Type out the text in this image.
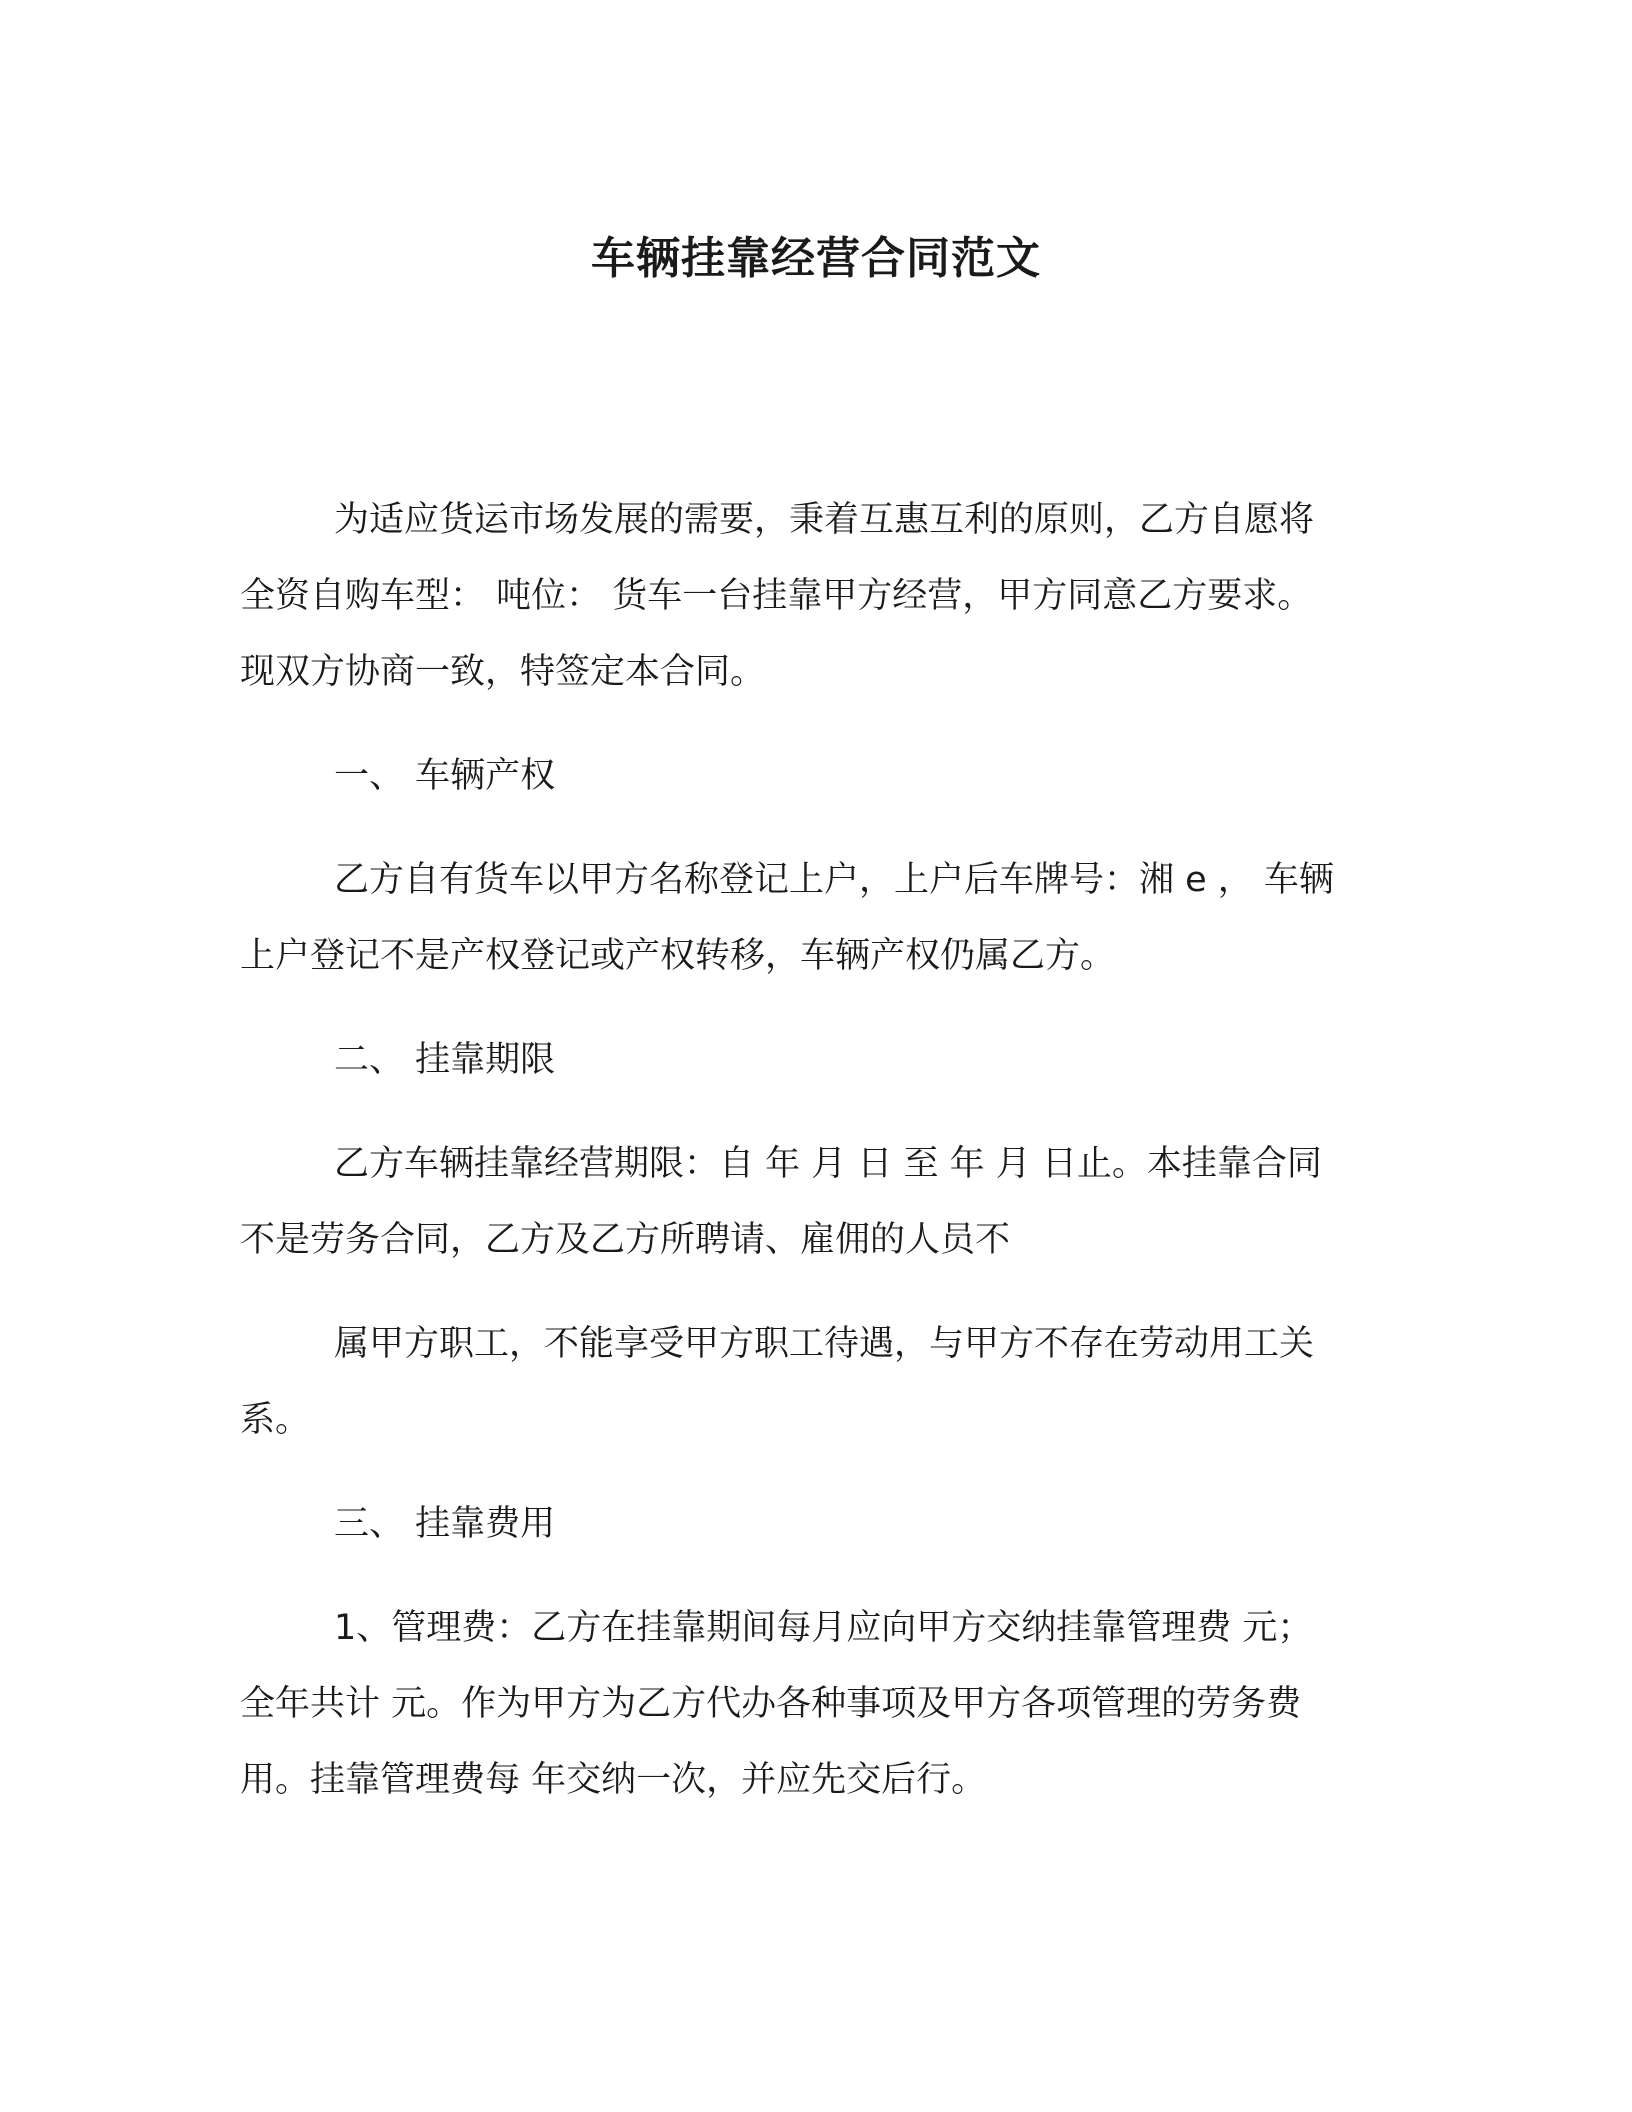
车辆挂靠经营合同范文
为适应货运市场发展的需要，秉着互惠互利的原则，乙方自愿将
全资自购车型： 吨位： 货车一台挂靠甲方经营，甲方同意乙方要求。
现双方协商一致，特签定本合同。
一、 车辆产权
乙方自有货车以甲方名称登记上户，上户后车牌号：湘 e ， 车辆
上户登记不是产权登记或产权转移，车辆产权仍属乙方。
二、 挂靠期限
乙方车辆挂靠经营期限：自 年 月 日 至 年 月 日止。本挂靠合同
不是劳务合同，乙方及乙方所聘请、雇佣的人员不
属甲方职工，不能享受甲方职工待遇，与甲方不存在劳动用工关
系。
三、 挂靠费用
1、管理费：乙方在挂靠期间每月应向甲方交纳挂靠管理费 元；
全年共计 元。作为甲方为乙方代办各种事项及甲方各项管理的劳务费
用。挂靠管理费每 年交纳一次，并应先交后行。
